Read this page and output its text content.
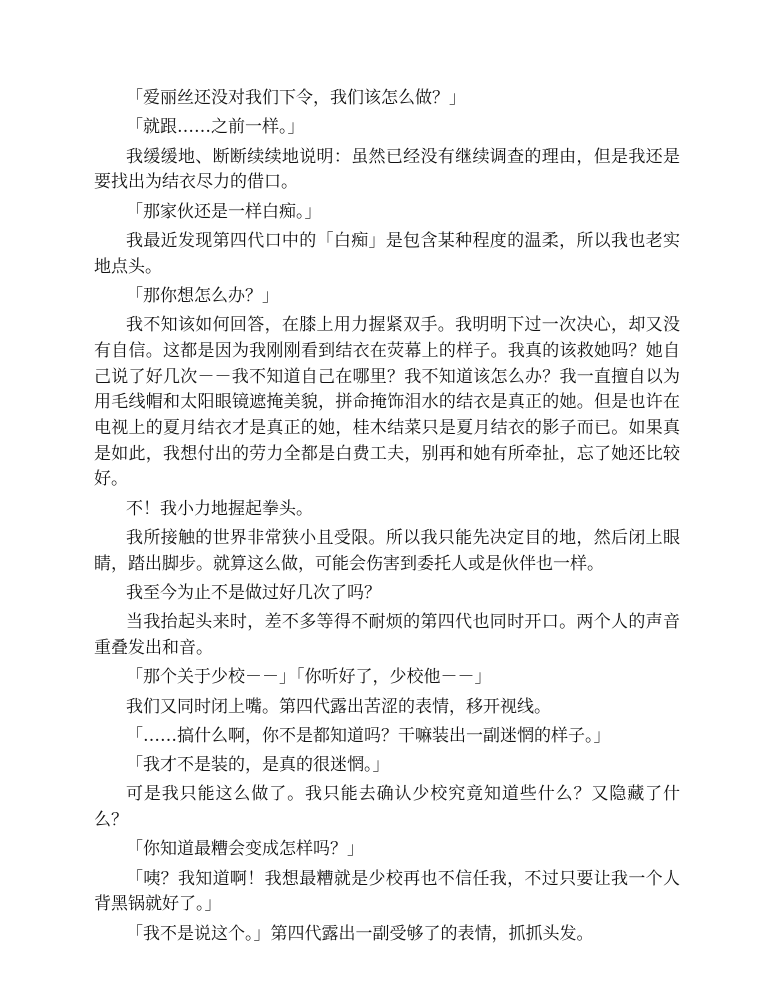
「爱丽丝还没对我们下令，我们该怎么做？」

「就跟……之前一样。」

我缓缓地、断断续续地说明：虽然已经没有继续调查的理由，但是我还是要找出为结衣尽力的借口。

「那家伙还是一样白痴。」

我最近发现第四代口中的「白痴」是包含某种程度的温柔，所以我也老实地点头。

「那你想怎么办？」

我不知该如何回答，在膝上用力握紧双手。我明明下过一次决心，却又没有自信。这都是因为我刚刚看到结衣在荧幕上的样子。我真的该救她吗？她自己说了好几次－－我不知道自己在哪里？我不知道该怎么办？我一直擅自以为用毛线帽和太阳眼镜遮掩美貌，拼命掩饰泪水的结衣是真正的她。但是也许在电视上的夏月结衣才是真正的她，桂木结菜只是夏月结衣的影子而已。如果真是如此，我想付出的劳力全都是白费工夫，别再和她有所牵扯，忘了她还比较好。

不！我小力地握起拳头。

我所接触的世界非常狭小且受限。所以我只能先决定目的地，然后闭上眼睛，踏出脚步。就算这么做，可能会伤害到委托人或是伙伴也一样。

我至今为止不是做过好几次了吗？

当我抬起头来时，差不多等得不耐烦的第四代也同时开口。两个人的声音重叠发出和音。

「那个关于少校－－」「你听好了，少校他－－」

我们又同时闭上嘴。第四代露出苦涩的表情，移开视线。

「……搞什么啊，你不是都知道吗？干嘛装出一副迷惘的样子。」

「我才不是装的，是真的很迷惘。」

可是我只能这么做了。我只能去确认少校究竟知道些什么？又隐藏了什么？

「你知道最糟会变成怎样吗？」

「咦？我知道啊！我想最糟就是少校再也不信任我，不过只要让我一个人背黑锅就好了。」

「我不是说这个。」第四代露出一副受够了的表情，抓抓头发。
